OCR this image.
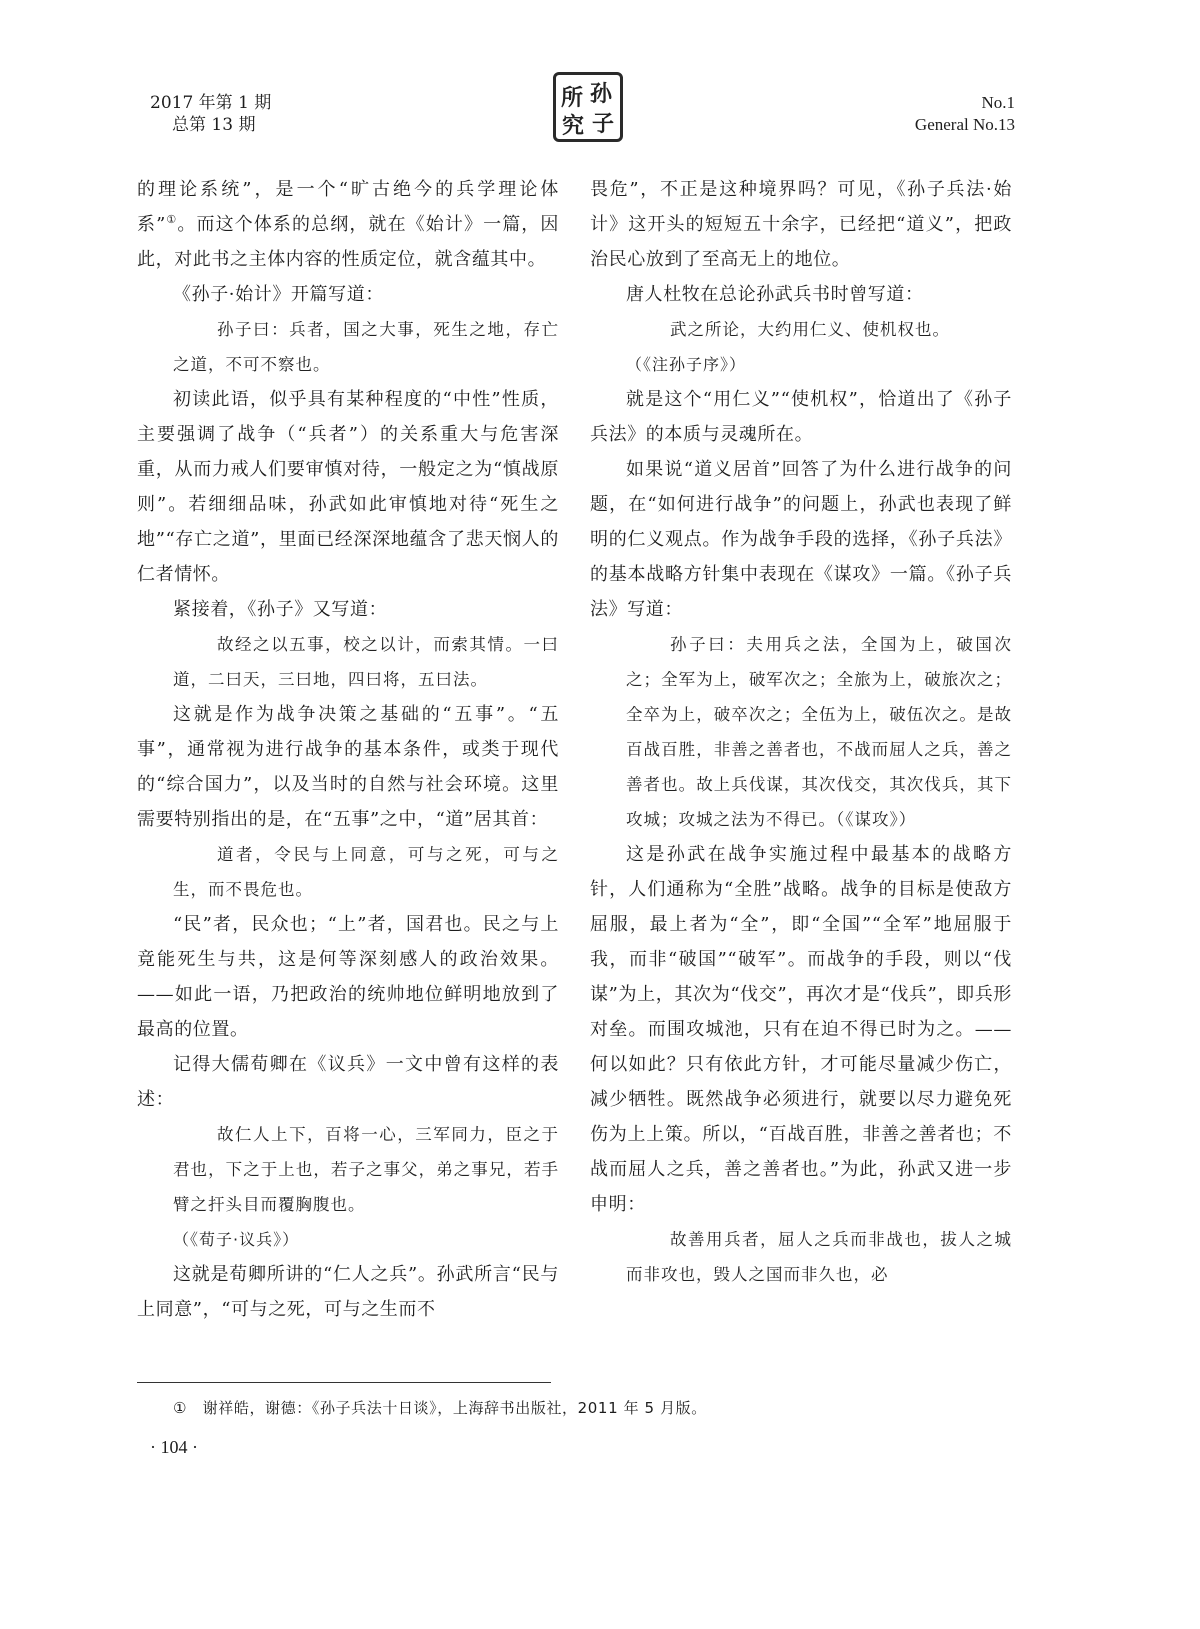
2017 年第 1 期
总第 13 期
所 孙
究 子
No.1
General No.13

的理论系统”，是一个“旷古绝今的兵学理论体系”①。而这个体系的总纲，就在《始计》一篇，因此，对此书之主体内容的性质定位，就含蕴其中。

《孙子·始计》开篇写道：

孙子曰：兵者，国之大事，死生之地，存亡之道，不可不察也。

初读此语，似乎具有某种程度的“中性”性质，主要强调了战争（“兵者”）的关系重大与危害深重，从而力戒人们要审慎对待，一般定之为“慎战原则”。若细细品味，孙武如此审慎地对待“死生之地”“存亡之道”，里面已经深深地蕴含了悲天悯人的仁者情怀。

紧接着，《孙子》又写道：

故经之以五事，校之以计，而索其情。一曰道，二曰天，三曰地，四曰将，五曰法。

这就是作为战争决策之基础的“五事”。“五事”，通常视为进行战争的基本条件，或类于现代的“综合国力”，以及当时的自然与社会环境。这里需要特别指出的是，在“五事”之中，“道”居其首：

道者，令民与上同意，可与之死，可与之生，而不畏危也。

“民”者，民众也；“上”者，国君也。民之与上竟能死生与共，这是何等深刻感人的政治效果。——如此一语，乃把政治的统帅地位鲜明地放到了最高的位置。

记得大儒荀卿在《议兵》一文中曾有这样的表述：

故仁人上下，百将一心，三军同力，臣之于君也，下之于上也，若子之事父，弟之事兄，若手臂之扞头目而覆胸腹也。

（《荀子·议兵》）

这就是荀卿所讲的“仁人之兵”。孙武所言“民与上同意”，“可与之死，可与之生而不

畏危”，不正是这种境界吗？可见，《孙子兵法·始计》这开头的短短五十余字，已经把“道义”，把政治民心放到了至高无上的地位。

唐人杜牧在总论孙武兵书时曾写道：

武之所论，大约用仁义、使机权也。

（《注孙子序》）

就是这个“用仁义”“使机权”，恰道出了《孙子兵法》的本质与灵魂所在。

如果说“道义居首”回答了为什么进行战争的问题，在“如何进行战争”的问题上，孙武也表现了鲜明的仁义观点。作为战争手段的选择，《孙子兵法》的基本战略方针集中表现在《谋攻》一篇。《孙子兵法》写道：

孙子曰：夫用兵之法，全国为上，破国次之；全军为上，破军次之；全旅为上，破旅次之；全卒为上，破卒次之；全伍为上，破伍次之。是故百战百胜，非善之善者也，不战而屈人之兵，善之善者也。故上兵伐谋，其次伐交，其次伐兵，其下攻城；攻城之法为不得已。（《谋攻》）

这是孙武在战争实施过程中最基本的战略方针，人们通称为“全胜”战略。战争的目标是使敌方屈服，最上者为“全”，即“全国”“全军”地屈服于我，而非“破国”“破军”。而战争的手段，则以“伐谋”为上，其次为“伐交”，再次才是“伐兵”，即兵形对垒。而围攻城池，只有在迫不得已时为之。——何以如此？只有依此方针，才可能尽量减少伤亡，减少牺牲。既然战争必须进行，就要以尽力避免死伤为上上策。所以，“百战百胜，非善之善者也；不战而屈人之兵，善之善者也。”为此，孙武又进一步申明：

故善用兵者，屈人之兵而非战也，拔人之城而非攻也，毁人之国而非久也，必

①　谢祥皓，谢德：《孙子兵法十日谈》，上海辞书出版社，2011 年 5 月版。
· 104 ·
